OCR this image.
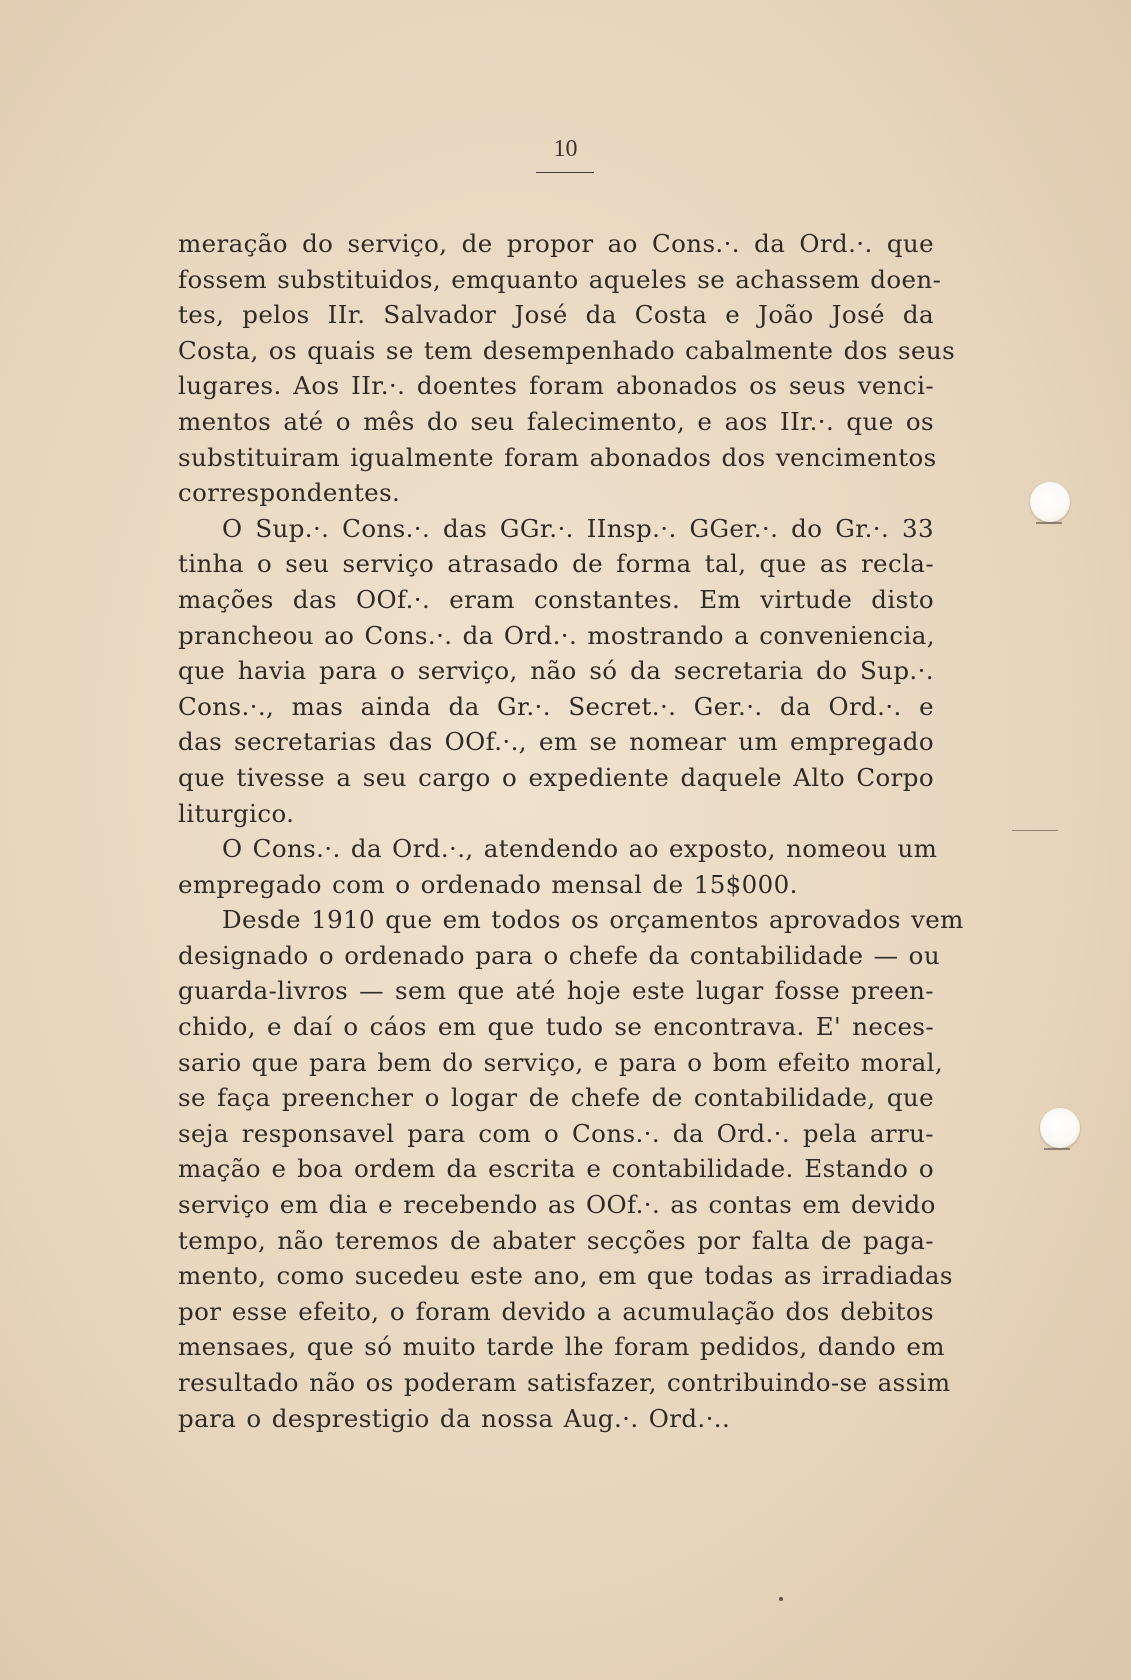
10
meração do serviço, de propor ao Cons.·. da Ord.·. que
fossem substituidos, emquanto aqueles se achassem doen-
tes, pelos IIr. Salvador José da Costa e João José da
Costa, os quais se tem desempenhado cabalmente dos seus
lugares. Aos IIr.·. doentes foram abonados os seus venci-
mentos até o mês do seu falecimento, e aos IIr.·. que os
substituiram igualmente foram abonados dos vencimentos
correspondentes.
O Sup.·. Cons.·. das GGr.·. IInsp.·. GGer.·. do Gr.·. 33
tinha o seu serviço atrasado de forma tal, que as recla-
mações das OOf.·. eram constantes. Em virtude disto
prancheou ao Cons.·. da Ord.·. mostrando a conveniencia,
que havia para o serviço, não só da secretaria do Sup.·.
Cons.·., mas ainda da Gr.·. Secret.·. Ger.·. da Ord.·. e
das secretarias das OOf.·., em se nomear um empregado
que tivesse a seu cargo o expediente daquele Alto Corpo
liturgico.
O Cons.·. da Ord.·., atendendo ao exposto, nomeou um
empregado com o ordenado mensal de 15$000.
Desde 1910 que em todos os orçamentos aprovados vem
designado o ordenado para o chefe da contabilidade — ou
guarda-livros — sem que até hoje este lugar fosse preen-
chido, e daí o cáos em que tudo se encontrava. E' neces-
sario que para bem do serviço, e para o bom efeito moral,
se faça preencher o logar de chefe de contabilidade, que
seja responsavel para com o Cons.·. da Ord.·. pela arru-
mação e boa ordem da escrita e contabilidade. Estando o
serviço em dia e recebendo as OOf.·. as contas em devido
tempo, não teremos de abater secções por falta de paga-
mento, como sucedeu este ano, em que todas as irradiadas
por esse efeito, o foram devido a acumulação dos debitos
mensaes, que só muito tarde lhe foram pedidos, dando em
resultado não os poderam satisfazer, contribuindo-se assim
para o desprestigio da nossa Aug.·. Ord.·..
